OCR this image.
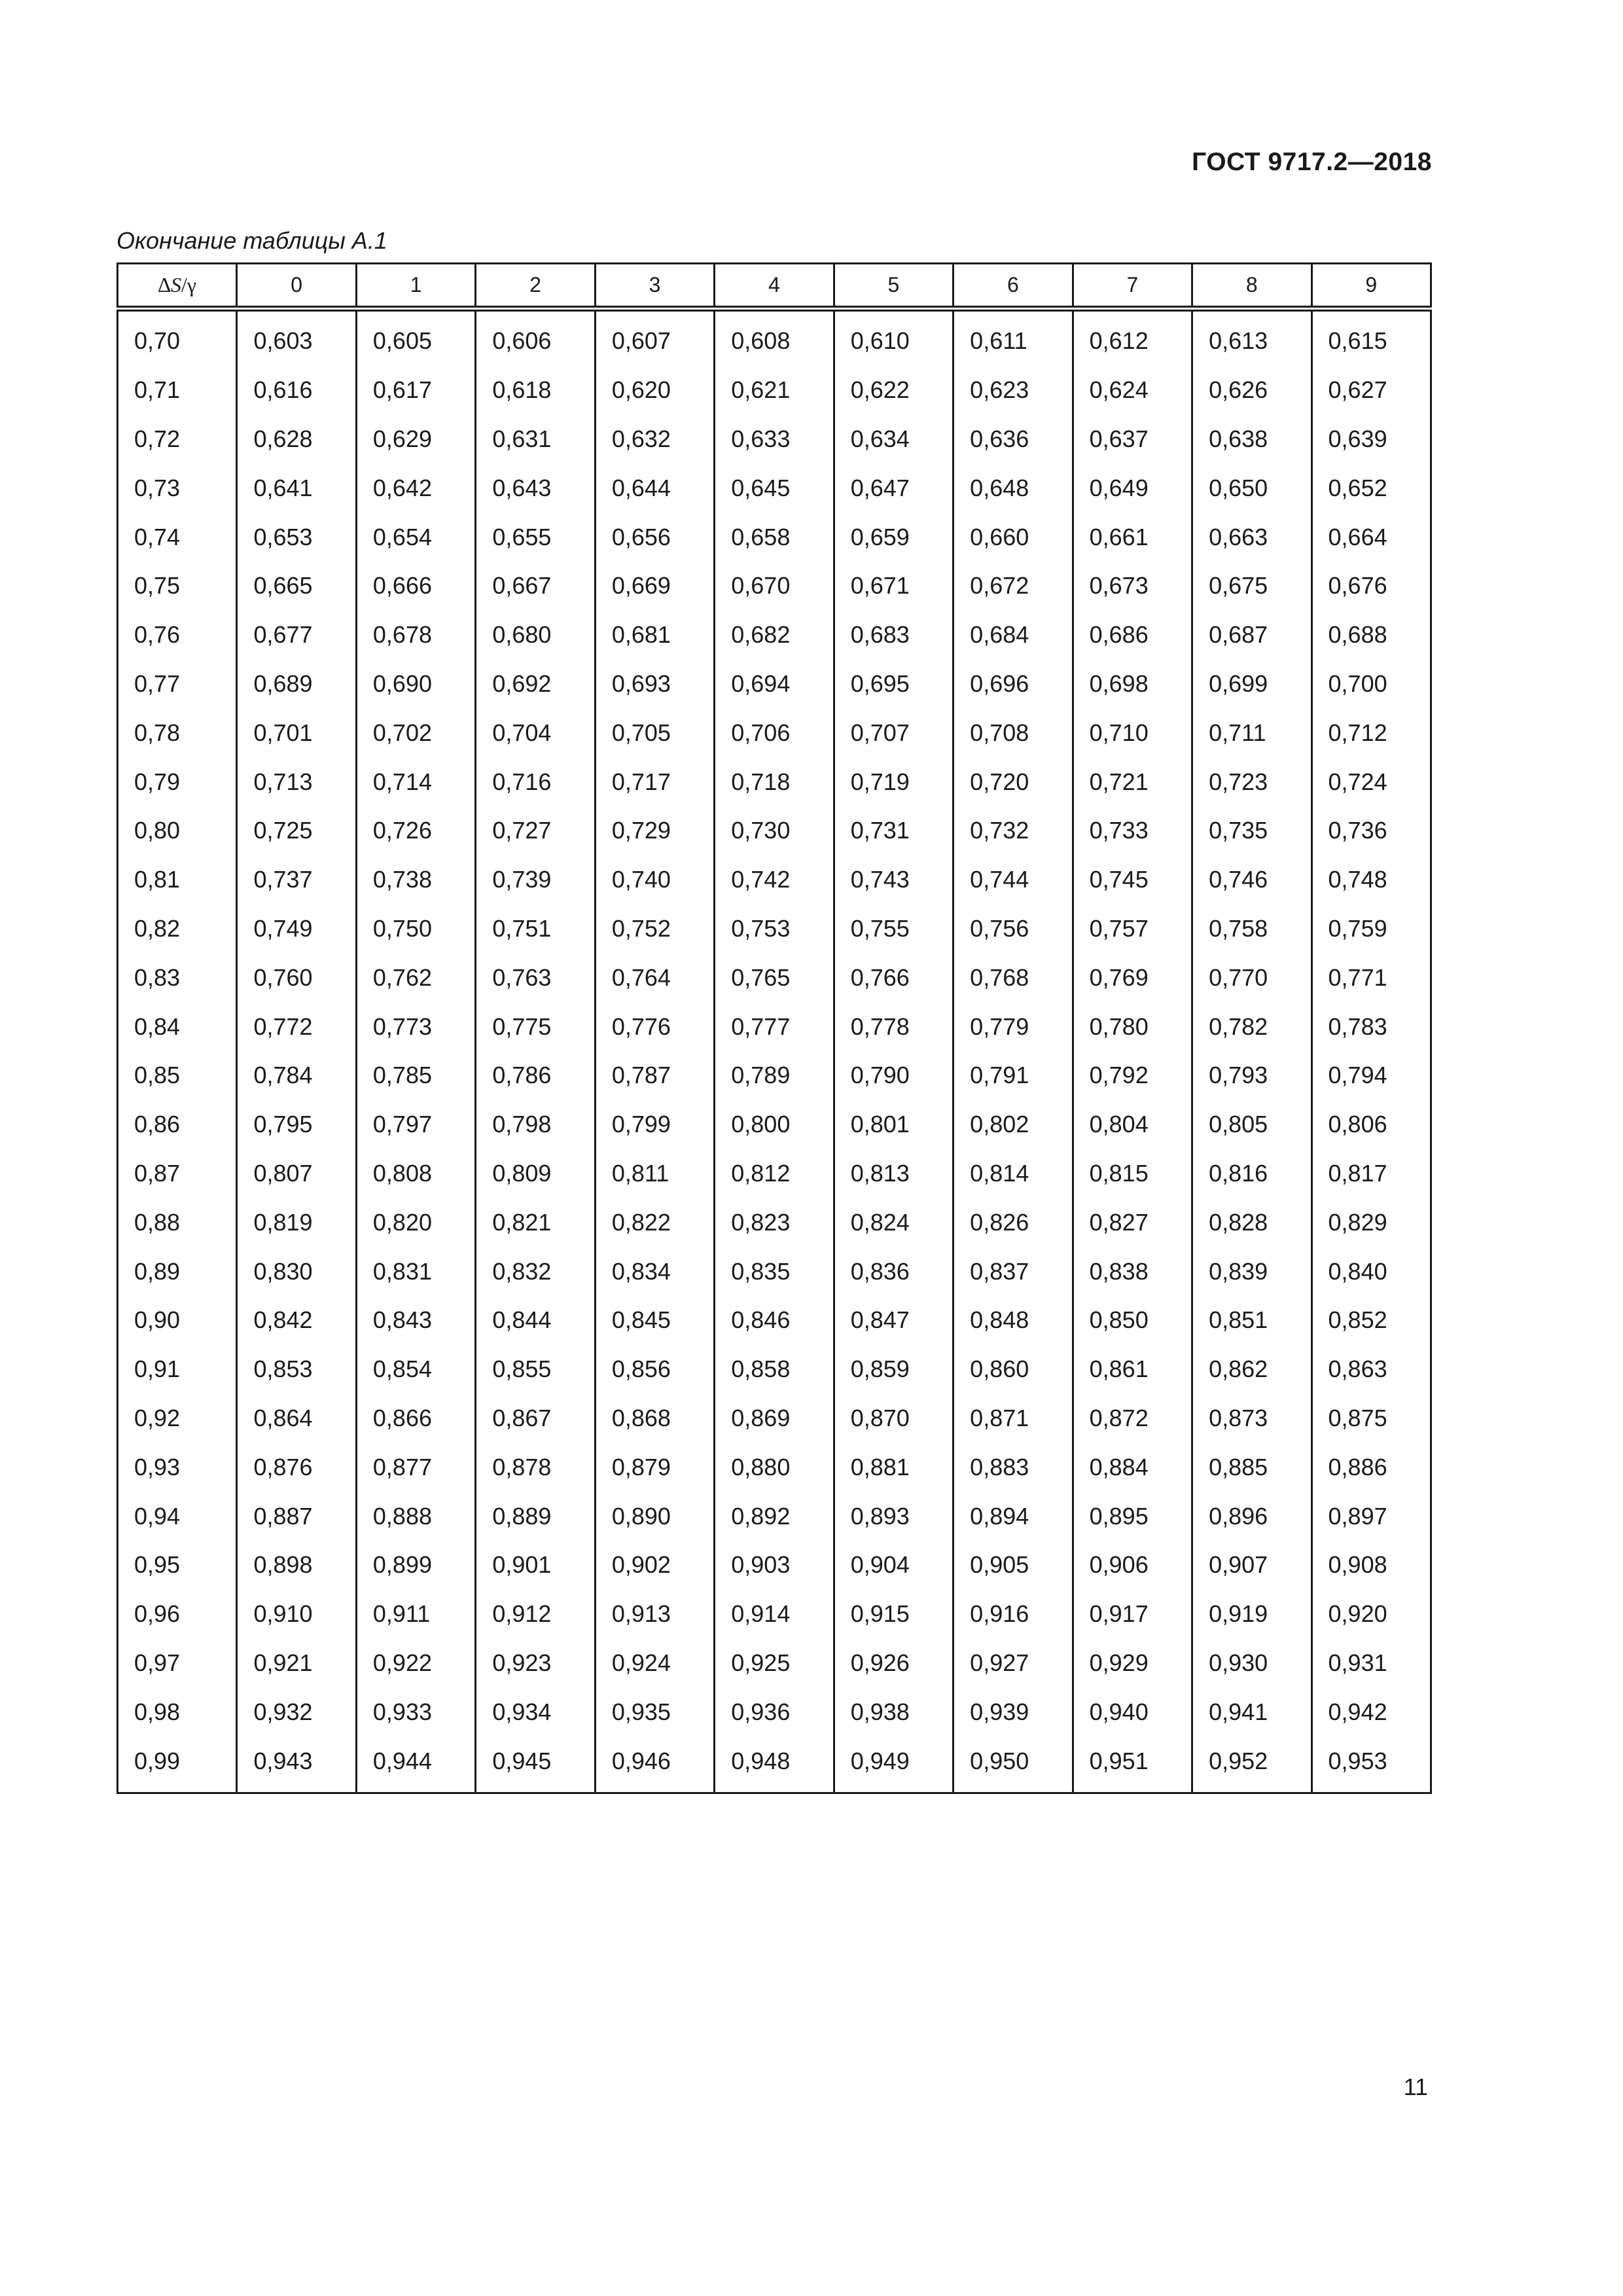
ГОСТ 9717.2—2018
Окончание таблицы А.1
∆S/γ	0	1	2	3	4	5	6	7	8	9
0,70	0,603	0,605	0,606	0,607	0,608	0,610	0,611	0,612	0,613	0,615
0,71	0,616	0,617	0,618	0,620	0,621	0,622	0,623	0,624	0,626	0,627
0,72	0,628	0,629	0,631	0,632	0,633	0,634	0,636	0,637	0,638	0,639
0,73	0,641	0,642	0,643	0,644	0,645	0,647	0,648	0,649	0,650	0,652
0,74	0,653	0,654	0,655	0,656	0,658	0,659	0,660	0,661	0,663	0,664
0,75	0,665	0,666	0,667	0,669	0,670	0,671	0,672	0,673	0,675	0,676
0,76	0,677	0,678	0,680	0,681	0,682	0,683	0,684	0,686	0,687	0,688
0,77	0,689	0,690	0,692	0,693	0,694	0,695	0,696	0,698	0,699	0,700
0,78	0,701	0,702	0,704	0,705	0,706	0,707	0,708	0,710	0,711	0,712
0,79	0,713	0,714	0,716	0,717	0,718	0,719	0,720	0,721	0,723	0,724
0,80	0,725	0,726	0,727	0,729	0,730	0,731	0,732	0,733	0,735	0,736
0,81	0,737	0,738	0,739	0,740	0,742	0,743	0,744	0,745	0,746	0,748
0,82	0,749	0,750	0,751	0,752	0,753	0,755	0,756	0,757	0,758	0,759
0,83	0,760	0,762	0,763	0,764	0,765	0,766	0,768	0,769	0,770	0,771
0,84	0,772	0,773	0,775	0,776	0,777	0,778	0,779	0,780	0,782	0,783
0,85	0,784	0,785	0,786	0,787	0,789	0,790	0,791	0,792	0,793	0,794
0,86	0,795	0,797	0,798	0,799	0,800	0,801	0,802	0,804	0,805	0,806
0,87	0,807	0,808	0,809	0,811	0,812	0,813	0,814	0,815	0,816	0,817
0,88	0,819	0,820	0,821	0,822	0,823	0,824	0,826	0,827	0,828	0,829
0,89	0,830	0,831	0,832	0,834	0,835	0,836	0,837	0,838	0,839	0,840
0,90	0,842	0,843	0,844	0,845	0,846	0,847	0,848	0,850	0,851	0,852
0,91	0,853	0,854	0,855	0,856	0,858	0,859	0,860	0,861	0,862	0,863
0,92	0,864	0,866	0,867	0,868	0,869	0,870	0,871	0,872	0,873	0,875
0,93	0,876	0,877	0,878	0,879	0,880	0,881	0,883	0,884	0,885	0,886
0,94	0,887	0,888	0,889	0,890	0,892	0,893	0,894	0,895	0,896	0,897
0,95	0,898	0,899	0,901	0,902	0,903	0,904	0,905	0,906	0,907	0,908
0,96	0,910	0,911	0,912	0,913	0,914	0,915	0,916	0,917	0,919	0,920
0,97	0,921	0,922	0,923	0,924	0,925	0,926	0,927	0,929	0,930	0,931
0,98	0,932	0,933	0,934	0,935	0,936	0,938	0,939	0,940	0,941	0,942
0,99	0,943	0,944	0,945	0,946	0,948	0,949	0,950	0,951	0,952	0,953
11
